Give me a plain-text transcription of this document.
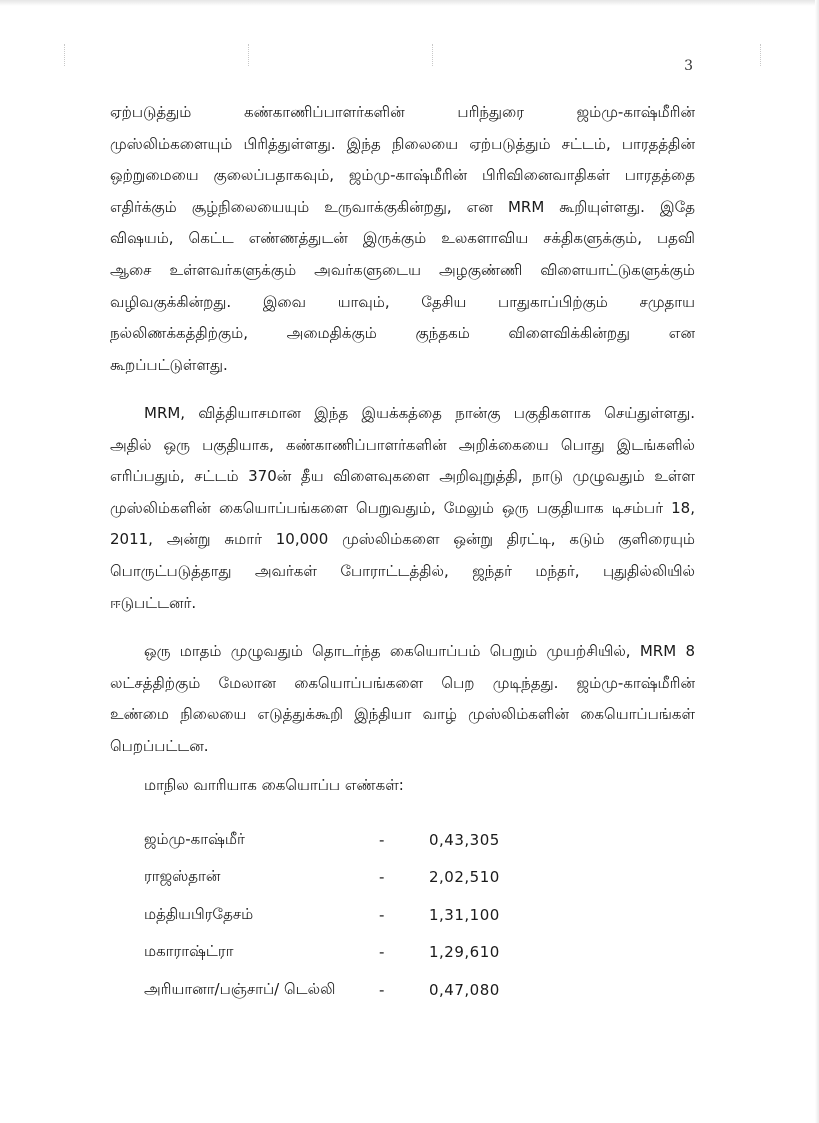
3

ஏற்படுத்தும் கண்காணிப்பாளர்களின் பரிந்துரை ஜம்மு-காஷ்மீரின்
முஸ்லிம்களையும் பிரித்துள்ளது. இந்த நிலையை ஏற்படுத்தும் சட்டம், பாரதத்தின்
ஒற்றுமையை குலைப்பதாகவும், ஜம்மு-காஷ்மீரின் பிரிவினைவாதிகள் பாரதத்தை
எதிர்க்கும் சூழ்நிலையையும் உருவாக்குகின்றது, என MRM கூறியுள்ளது. இதே
விஷயம், கெட்ட எண்ணத்துடன் இருக்கும் உலகளாவிய சக்திகளுக்கும், பதவி
ஆசை உள்ளவர்களுக்கும் அவர்களுடைய அழகுண்ணி விளையாட்டுகளுக்கும்
வழிவகுக்கின்றது. இவை யாவும், தேசிய பாதுகாப்பிற்கும் சமுதாய
நல்லிணக்கத்திற்கும், அமைதிக்கும் குந்தகம் விளைவிக்கின்றது என
கூறப்பட்டுள்ளது.

MRM, வித்தியாசமான இந்த இயக்கத்தை நான்கு பகுதிகளாக செய்துள்ளது.
அதில் ஒரு பகுதியாக, கண்காணிப்பாளர்களின் அறிக்கையை பொது இடங்களில்
எரிப்பதும், சட்டம் 370ன் தீய விளைவுகளை அறிவுறுத்தி, நாடு முழுவதும் உள்ள
முஸ்லிம்களின் கையொப்பங்களை பெறுவதும், மேலும் ஒரு பகுதியாக டிசம்பர் 18,
2011, அன்று சுமார் 10,000 முஸ்லிம்களை ஒன்று திரட்டி, கடும் குளிரையும்
பொருட்படுத்தாது அவர்கள் போராட்டத்தில், ஜந்தர் மந்தர், புதுதில்லியில்
ஈடுபட்டனர்.

ஒரு மாதம் முழுவதும் தொடர்ந்த கையொப்பம் பெறும் முயற்சியில், MRM 8
லட்சத்திற்கும் மேலான கையொப்பங்களை பெற முடிந்தது. ஜம்மு-காஷ்மீரின்
உண்மை நிலையை எடுத்துக்கூறி இந்தியா வாழ் முஸ்லிம்களின் கையொப்பங்கள்
பெறப்பட்டன.

மாநில வாரியாக கையொப்ப எண்கள்:

ஜம்மு-காஷ்மீர்	-	0,43,305
ராஜஸ்தான்	-	2,02,510
மத்தியபிரதேசம்	-	1,31,100
மகாராஷ்ட்ரா	-	1,29,610
அரியானா/பஞ்சாப்/ டெல்லி	-	0,47,080
